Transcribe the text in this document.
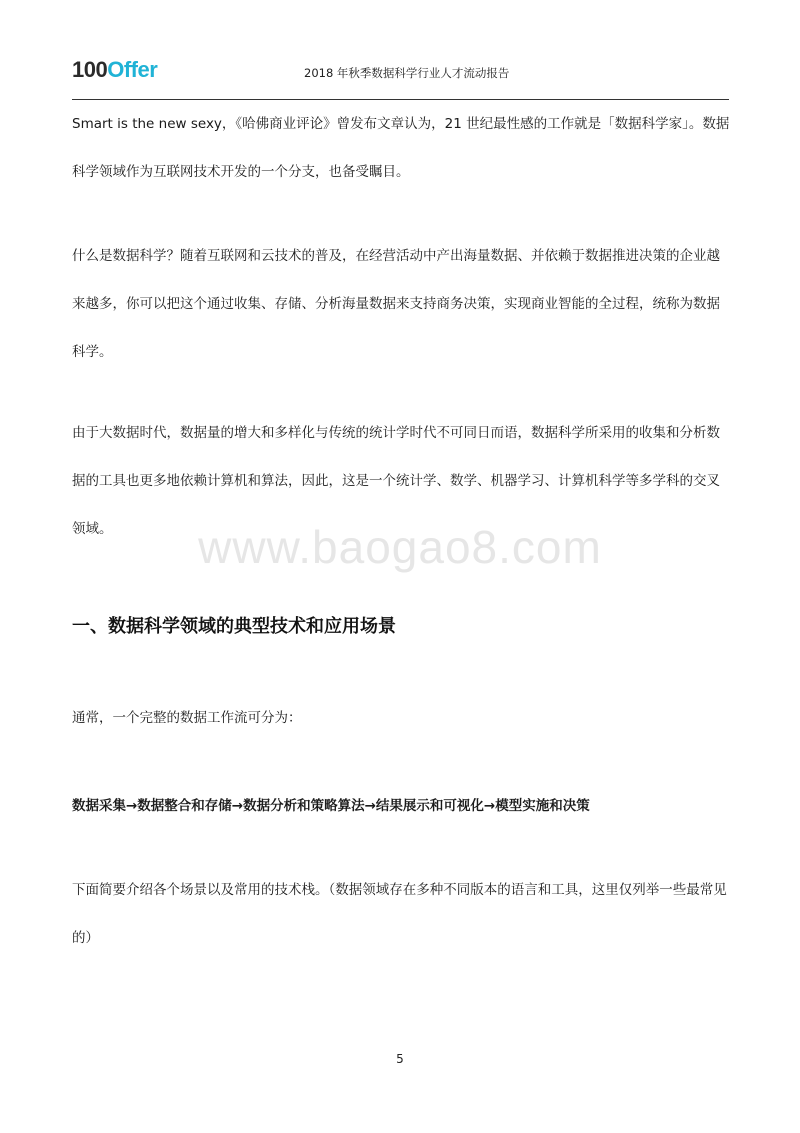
100 Offer	2018 年秋季数据科学行业人才流动报告
Smart is the new sexy，《哈佛商业评论》曾发布文章认为，21 世纪最性感的工作就是「数据科学家」。数据科学领域作为互联网技术开发的一个分支，也备受瞩目。
什么是数据科学？随着互联网和云技术的普及，在经营活动中产出海量数据、并依赖于数据推进决策的企业越来越多，你可以把这个通过收集、存储、分析海量数据来支持商务决策，实现商业智能的全过程，统称为数据科学。
由于大数据时代，数据量的增大和多样化与传统的统计学时代不可同日而语，数据科学所采用的收集和分析数据的工具也更多地依赖计算机和算法，因此，这是一个统计学、数学、机器学习、计算机科学等多学科的交叉领域。	www.baogao8.com
一、数据科学领域的典型技术和应用场景
通常，一个完整的数据工作流可分为：
数据采集→数据整合和存储→数据分析和策略算法→结果展示和可视化→模型实施和决策
下面简要介绍各个场景以及常用的技术栈。（数据领域存在多种不同版本的语言和工具，这里仅列举一些最常见的）
5
